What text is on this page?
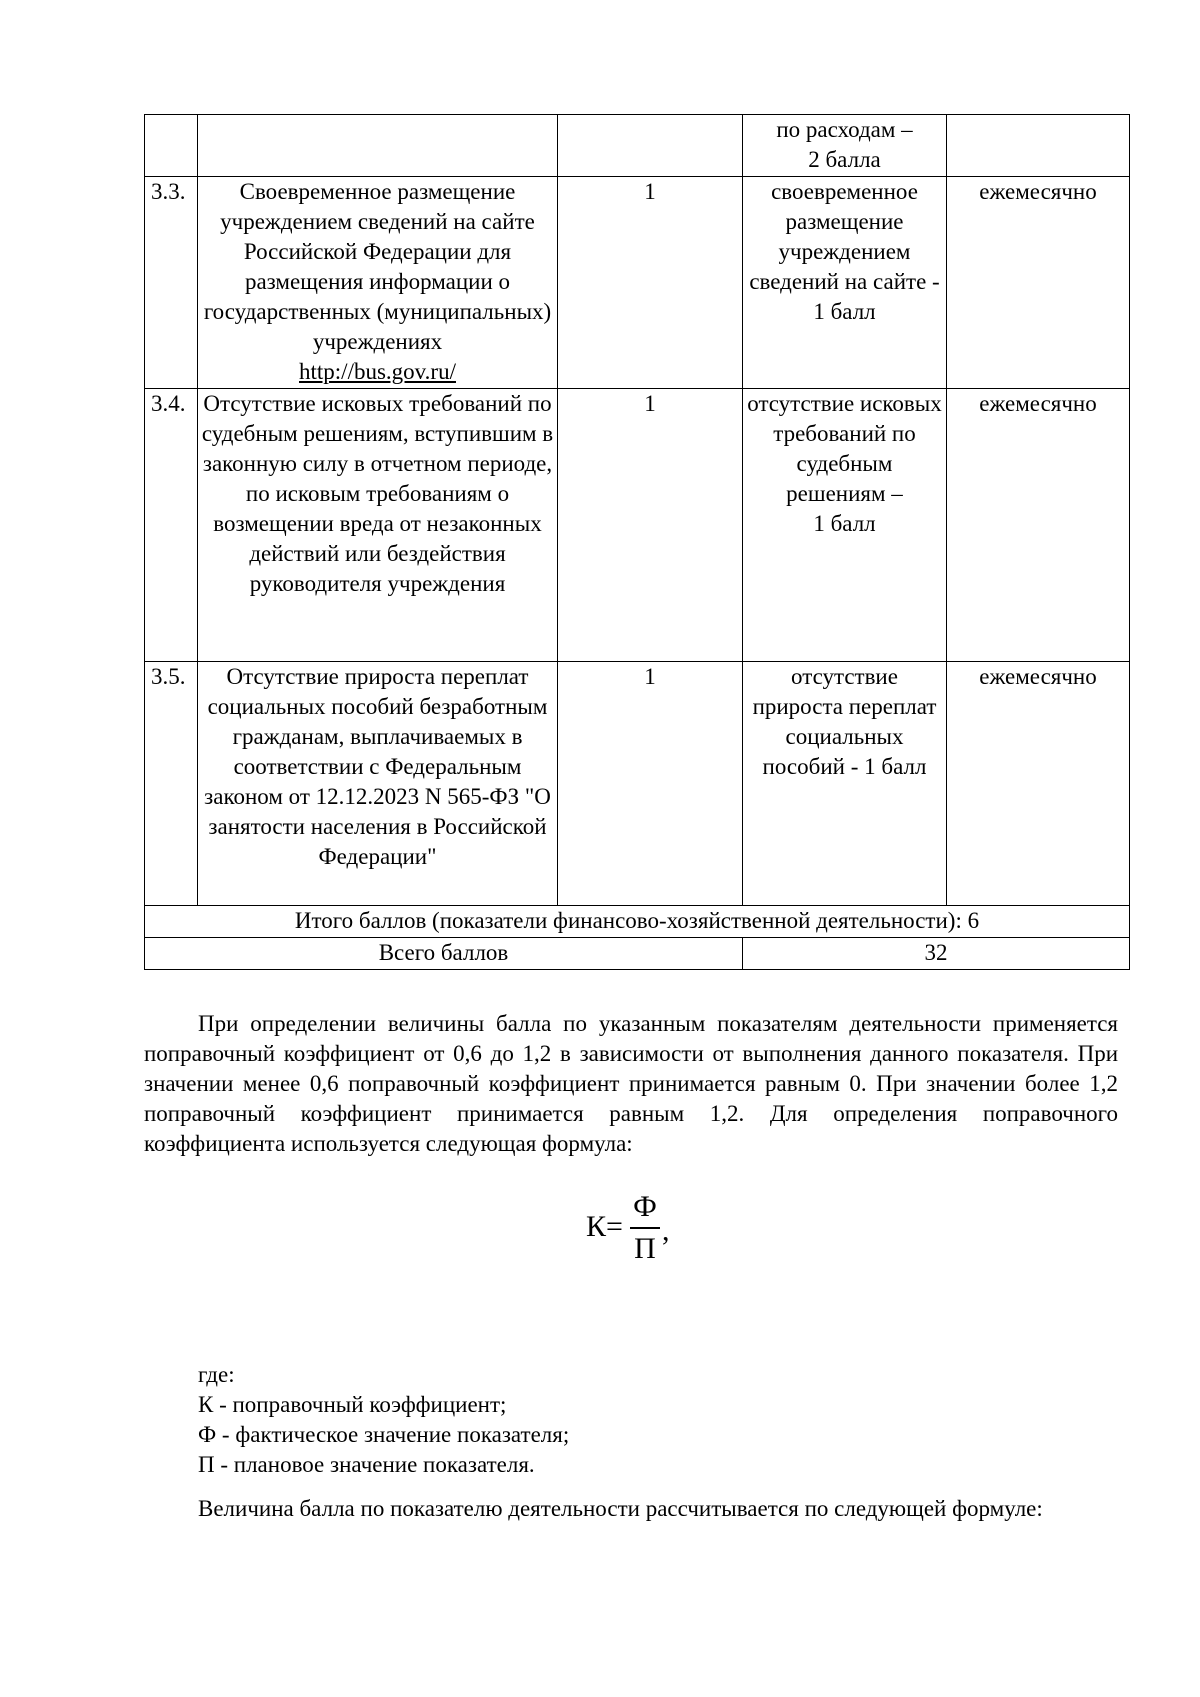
			по расходам –
2 балла	
3.3.	Своевременное размещение учреждением сведений на сайте Российской Федерации для размещения информации о государственных (муниципальных) учреждениях
http://bus.gov.ru/	1	своевременное размещение учреждением сведений на сайте - 1 балл	ежемесячно
3.4.	Отсутствие исковых требований по судебным решениям, вступившим в законную силу в отчетном периоде, по исковым требованиям о возмещении вреда от незаконных действий или бездействия руководителя учреждения	1	отсутствие исковых требований по судебным решениям –
1 балл	ежемесячно
3.5.	Отсутствие прироста переплат социальных пособий безработным гражданам, выплачиваемых в соответствии с Федеральным законом от 12.12.2023 N 565-ФЗ "О занятости населения в Российской Федерации"	1	отсутствие прироста переплат социальных пособий - 1 балл	ежемесячно
Итого баллов (показатели финансово-хозяйственной деятельности): 6				
Всего баллов			32	

При определении величины балла по указанным показателям деятельности применяется поправочный коэффициент от 0,6 до 1,2 в зависимости от выполнения данного показателя. При значении менее 0,6 поправочный коэффициент принимается равным 0. При значении более 1,2 поправочный коэффициент принимается равным 1,2. Для определения поправочного коэффициента используется следующая формула:

К=
Ф
П
,
где:
К - поправочный коэффициент;
Ф - фактическое значение показателя;
П - плановое значение показателя.

Величина балла по показателю деятельности рассчитывается по следующей формуле:
